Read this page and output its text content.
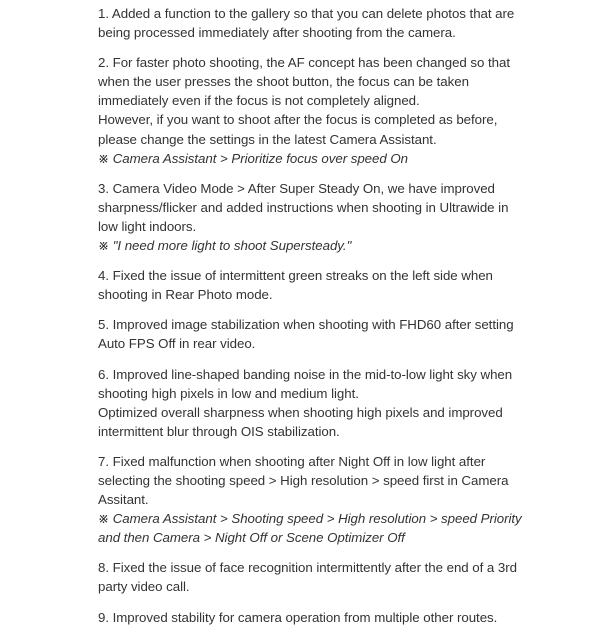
1. Added a function to the gallery so that you can delete photos that are
being processed immediately after shooting from the camera.
2. For faster photo shooting, the AF concept has been changed so that
when the user presses the shoot button, the focus can be taken
immediately even if the focus is not completely aligned.
However, if you want to shoot after the focus is completed as before,
please change the settings in the latest Camera Assistant.
※ Camera Assistant > Prioritize focus over speed On
3. Camera Video Mode > After Super Steady On, we have improved
sharpness/flicker and added instructions when shooting in Ultrawide in
low light indoors.
※ "I need more light to shoot Supersteady."
4. Fixed the issue of intermittent green streaks on the left side when
shooting in Rear Photo mode.
5. Improved image stabilization when shooting with FHD60 after setting
Auto FPS Off in rear video.
6. Improved line-shaped banding noise in the mid-to-low light sky when
shooting high pixels in low and medium light.
Optimized overall sharpness when shooting high pixels and improved
intermittent blur through OIS stabilization.
7. Fixed malfunction when shooting after Night Off in low light after
selecting the shooting speed > High resolution > speed first in Camera
Assitant.
※ Camera Assistant > Shooting speed > High resolution > speed Priority
and then Camera > Night Off or Scene Optimizer Off
8. Fixed the issue of face recognition intermittently after the end of a 3rd
party video call.
9. Improved stability for camera operation from multiple other routes.
